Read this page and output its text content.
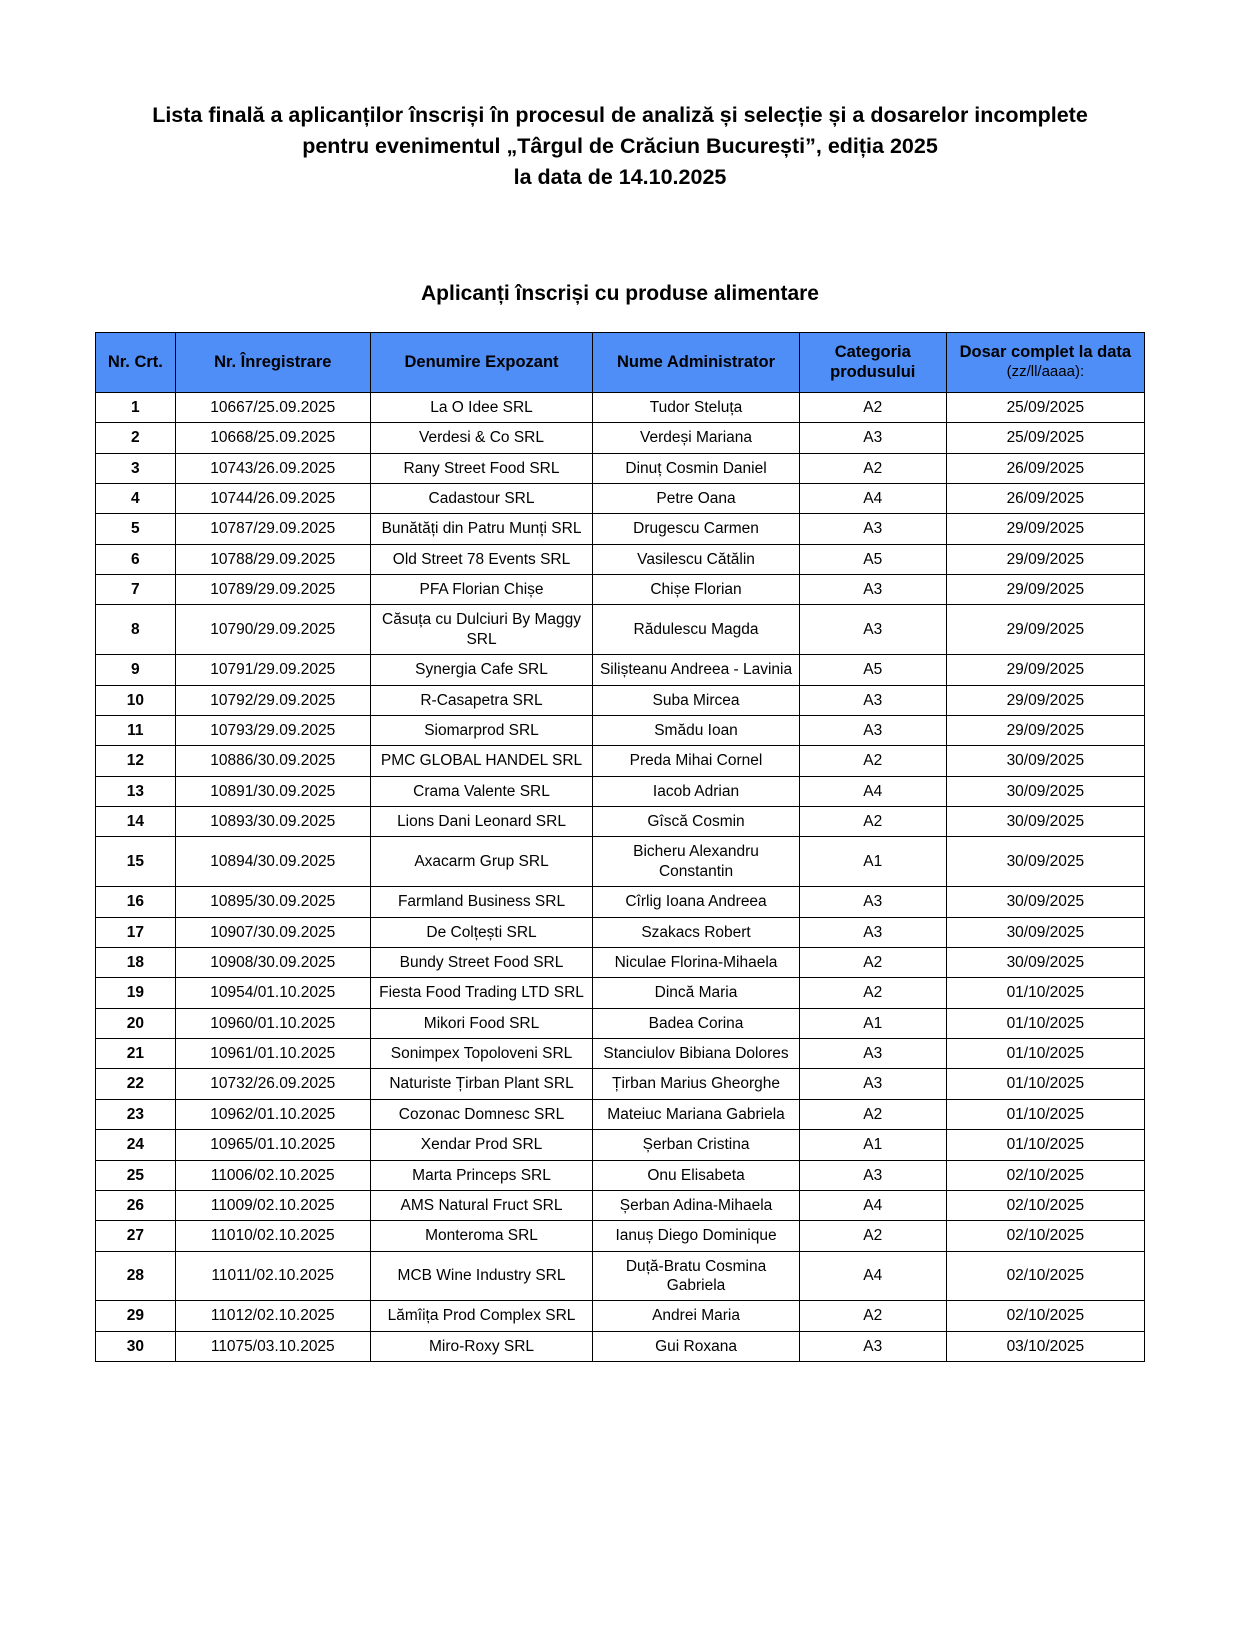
Lista finală a aplicanților înscriși în procesul de analiză și selecție și a dosarelor incomplete
pentru evenimentul „Târgul de Crăciun București”, ediția 2025
la data de 14.10.2025
Aplicanți înscriși cu produse alimentare
Nr. Crt.	Nr. Înregistrare	Denumire Expozant	Nume Administrator	Categoria produsului	Dosar complet la data
(zz/ll/aaaa):

1	10667/25.09.2025	La O Idee SRL	Tudor Steluța	A2	25/09/2025
2	10668/25.09.2025	Verdesi & Co SRL	Verdeși Mariana	A3	25/09/2025
3	10743/26.09.2025	Rany Street Food SRL	Dinuț Cosmin Daniel	A2	26/09/2025
4	10744/26.09.2025	Cadastour SRL	Petre Oana	A4	26/09/2025
5	10787/29.09.2025	Bunătăți din Patru Munți SRL	Drugescu Carmen	A3	29/09/2025
6	10788/29.09.2025	Old Street 78 Events SRL	Vasilescu Cătălin	A5	29/09/2025
7	10789/29.09.2025	PFA Florian Chișe	Chișe Florian	A3	29/09/2025
8	10790/29.09.2025	Căsuța cu Dulciuri By Maggy SRL	Rădulescu Magda	A3	29/09/2025
9	10791/29.09.2025	Synergia Cafe SRL	Silișteanu Andreea - Lavinia	A5	29/09/2025
10	10792/29.09.2025	R-Casapetra SRL	Suba Mircea	A3	29/09/2025
11	10793/29.09.2025	Siomarprod SRL	Smădu Ioan	A3	29/09/2025
12	10886/30.09.2025	PMC GLOBAL HANDEL SRL	Preda Mihai Cornel	A2	30/09/2025
13	10891/30.09.2025	Crama Valente SRL	Iacob Adrian	A4	30/09/2025
14	10893/30.09.2025	Lions Dani Leonard SRL	Gîscă Cosmin	A2	30/09/2025
15	10894/30.09.2025	Axacarm Grup SRL	Bicheru Alexandru Constantin	A1	30/09/2025
16	10895/30.09.2025	Farmland Business SRL	Cîrlig Ioana Andreea	A3	30/09/2025
17	10907/30.09.2025	De Colțești SRL	Szakacs Robert	A3	30/09/2025
18	10908/30.09.2025	Bundy Street Food SRL	Niculae Florina-Mihaela	A2	30/09/2025
19	10954/01.10.2025	Fiesta Food Trading LTD SRL	Dincă Maria	A2	01/10/2025
20	10960/01.10.2025	Mikori Food SRL	Badea Corina	A1	01/10/2025
21	10961/01.10.2025	Sonimpex Topoloveni SRL	Stanciulov Bibiana Dolores	A3	01/10/2025
22	10732/26.09.2025	Naturiste Țirban Plant SRL	Țirban Marius Gheorghe	A3	01/10/2025
23	10962/01.10.2025	Cozonac Domnesc SRL	Mateiuc Mariana Gabriela	A2	01/10/2025
24	10965/01.10.2025	Xendar Prod SRL	Șerban Cristina	A1	01/10/2025
25	11006/02.10.2025	Marta Princeps SRL	Onu Elisabeta	A3	02/10/2025
26	11009/02.10.2025	AMS Natural Fruct SRL	Șerban Adina-Mihaela	A4	02/10/2025
27	11010/02.10.2025	Monteroma SRL	Ianuș Diego Dominique	A2	02/10/2025
28	11011/02.10.2025	MCB Wine Industry SRL	Duță-Bratu Cosmina Gabriela	A4	02/10/2025
29	11012/02.10.2025	Lămîița Prod Complex SRL	Andrei Maria	A2	02/10/2025
30	11075/03.10.2025	Miro-Roxy SRL	Gui Roxana	A3	03/10/2025
